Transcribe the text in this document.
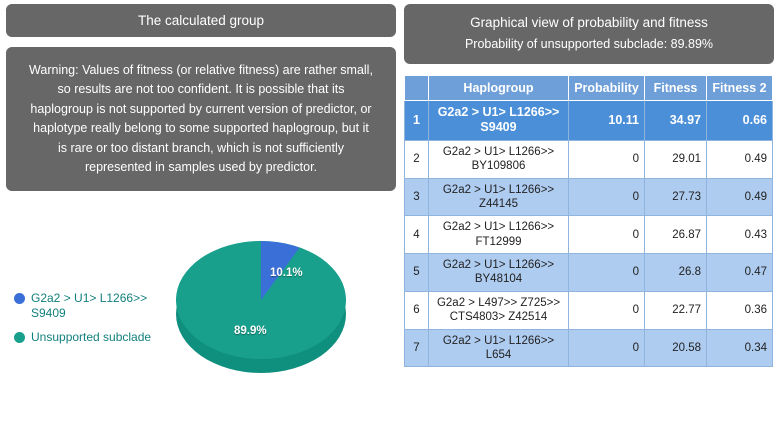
The calculated group
Warning: Values of fitness (or relative fitness) are rather small, so results are not too confident. It is possible that its haplogroup is not supported by current version of predictor, or haplotype really belong to some supported haplogroup, but it is rare or too distant branch, which is not sufficiently represented in samples used by predictor.
G2a2 > U1> L1266>> S9409
Unsupported subclade
10.1%
89.9%
Graphical view of probability and fitness
Probability of unsupported subclade: 89.89%
	Haplogroup	Probability	Fitness	Fitness 2
1	G2a2 > U1> L1266>> S9409	10.11	34.97	0.66
2	G2a2 > U1> L1266>> BY109806	0	29.01	0.49
3	G2a2 > U1> L1266>> Z44145	0	27.73	0.49
4	G2a2 > U1> L1266>> FT12999	0	26.87	0.43
5	G2a2 > U1> L1266>> BY48104	0	26.8	0.47
6	G2a2 > L497>> Z725>> CTS4803> Z42514	0	22.77	0.36
7	G2a2 > U1> L1266>> L654	0	20.58	0.34
